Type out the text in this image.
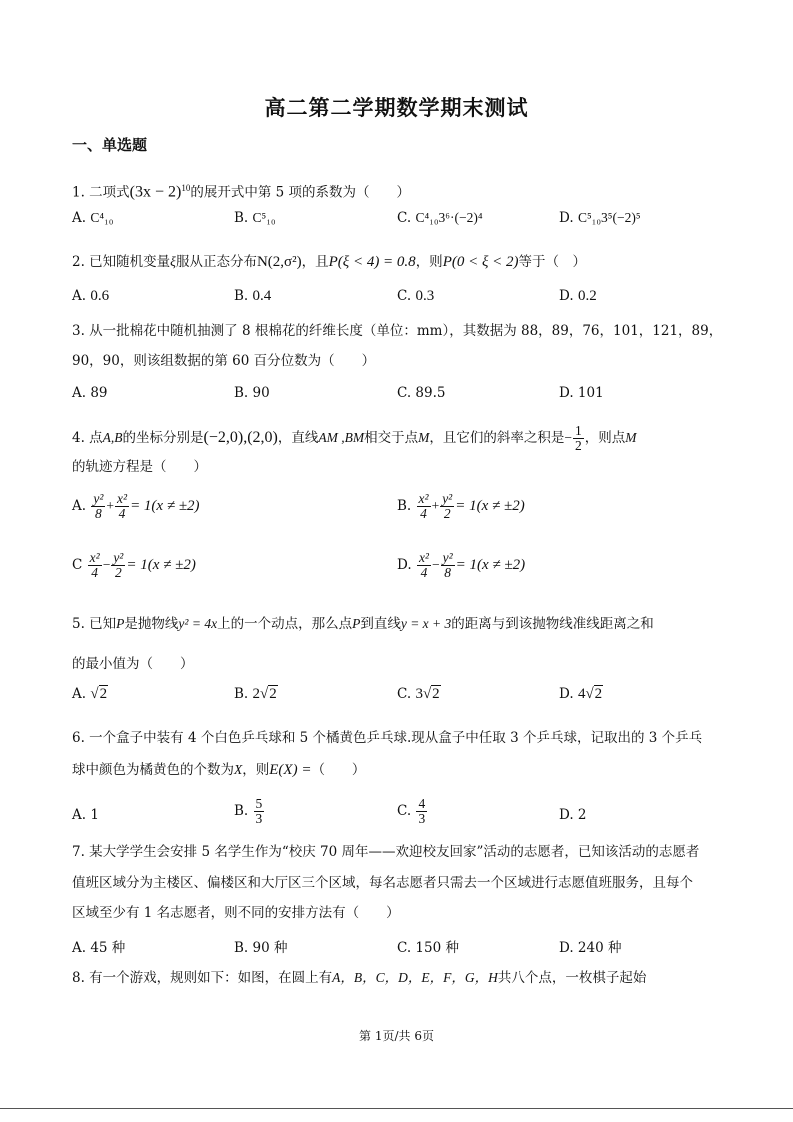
高二第二学期数学期末测试
一、单选题
1. 二项式$(3x - 2)^{10}$的展开式中第 5 项的系数为（　　）
A. C⁴₁₀	B. C⁵₁₀	C. C⁴₁₀3⁶·(−2)⁴	D. C⁵₁₀3⁵(−2)⁵
2. 已知随机变量ξ服从正态分布N(2,σ²)，且P(ξ < 4) = 0.8，则P(0 < ξ < 2)等于（　）
A. 0.6	B. 0.4	C. 0.3	D. 0.2
3. 从一批棉花中随机抽测了 8 根棉花的纤维长度（单位：mm），其数据为 88，89，76，101，121，89，
90，90，则该组数据的第 60 百分位数为（　　）
A. 89	B. 90	C. 89.5	D. 101
4. 点A,B的坐标分别是(−2,0),(2,0)，直线AM ,BM相交于点M，且它们的斜率之积是− $\frac{1}{2}$ ，则点M
的轨迹方程是（　　）
A. $\frac{\text{y²}}{8} + \frac{\text{x²}}{4} = 1(x \ne \pm 2)$	B. $\frac{\text{x²}}{4} + \frac{\text{y²}}{2} = 1(x \ne \pm 2)$
C $\frac{\text{x²}}{4} - \frac{\text{y²}}{2} = 1(x \ne \pm 2)$	D. $\frac{\text{x²}}{4} - \frac{\text{y²}}{8} = 1(x \ne \pm 2)$
5. 已知P是抛物线y² = 4x上的一个动点，那么点P到直线y = x + 3的距离与到该抛物线准线距离之和
的最小值为（　　）
A. √2	B. 2√2	C. 3√2	D. 4√2
6. 一个盒子中装有 4 个白色乒乓球和 5 个橘黄色乒乓球.现从盒子中任取 3 个乒乓球，记取出的 3 个乒乓
球中颜色为橘黄色的个数为X，则E(X) =（　　）
A. 1	B. $\frac{5}{3}$	C. $\frac{4}{3}$	D. 2
7. 某大学学生会安排 5 名学生作为“校庆 70 周年——欢迎校友回家”活动的志愿者，已知该活动的志愿者
值班区域分为主楼区、偏楼区和大厅区三个区域，每名志愿者只需去一个区域进行志愿值班服务，且每个
区域至少有 1 名志愿者，则不同的安排方法有（　　）
A. 45 种	B. 90 种	C. 150 种	D. 240 种
8. 有一个游戏，规则如下：如图，在圆上有A，B，C，D，E，F，G，H共八个点，一枚棋子起始
第 1页/共 6页
